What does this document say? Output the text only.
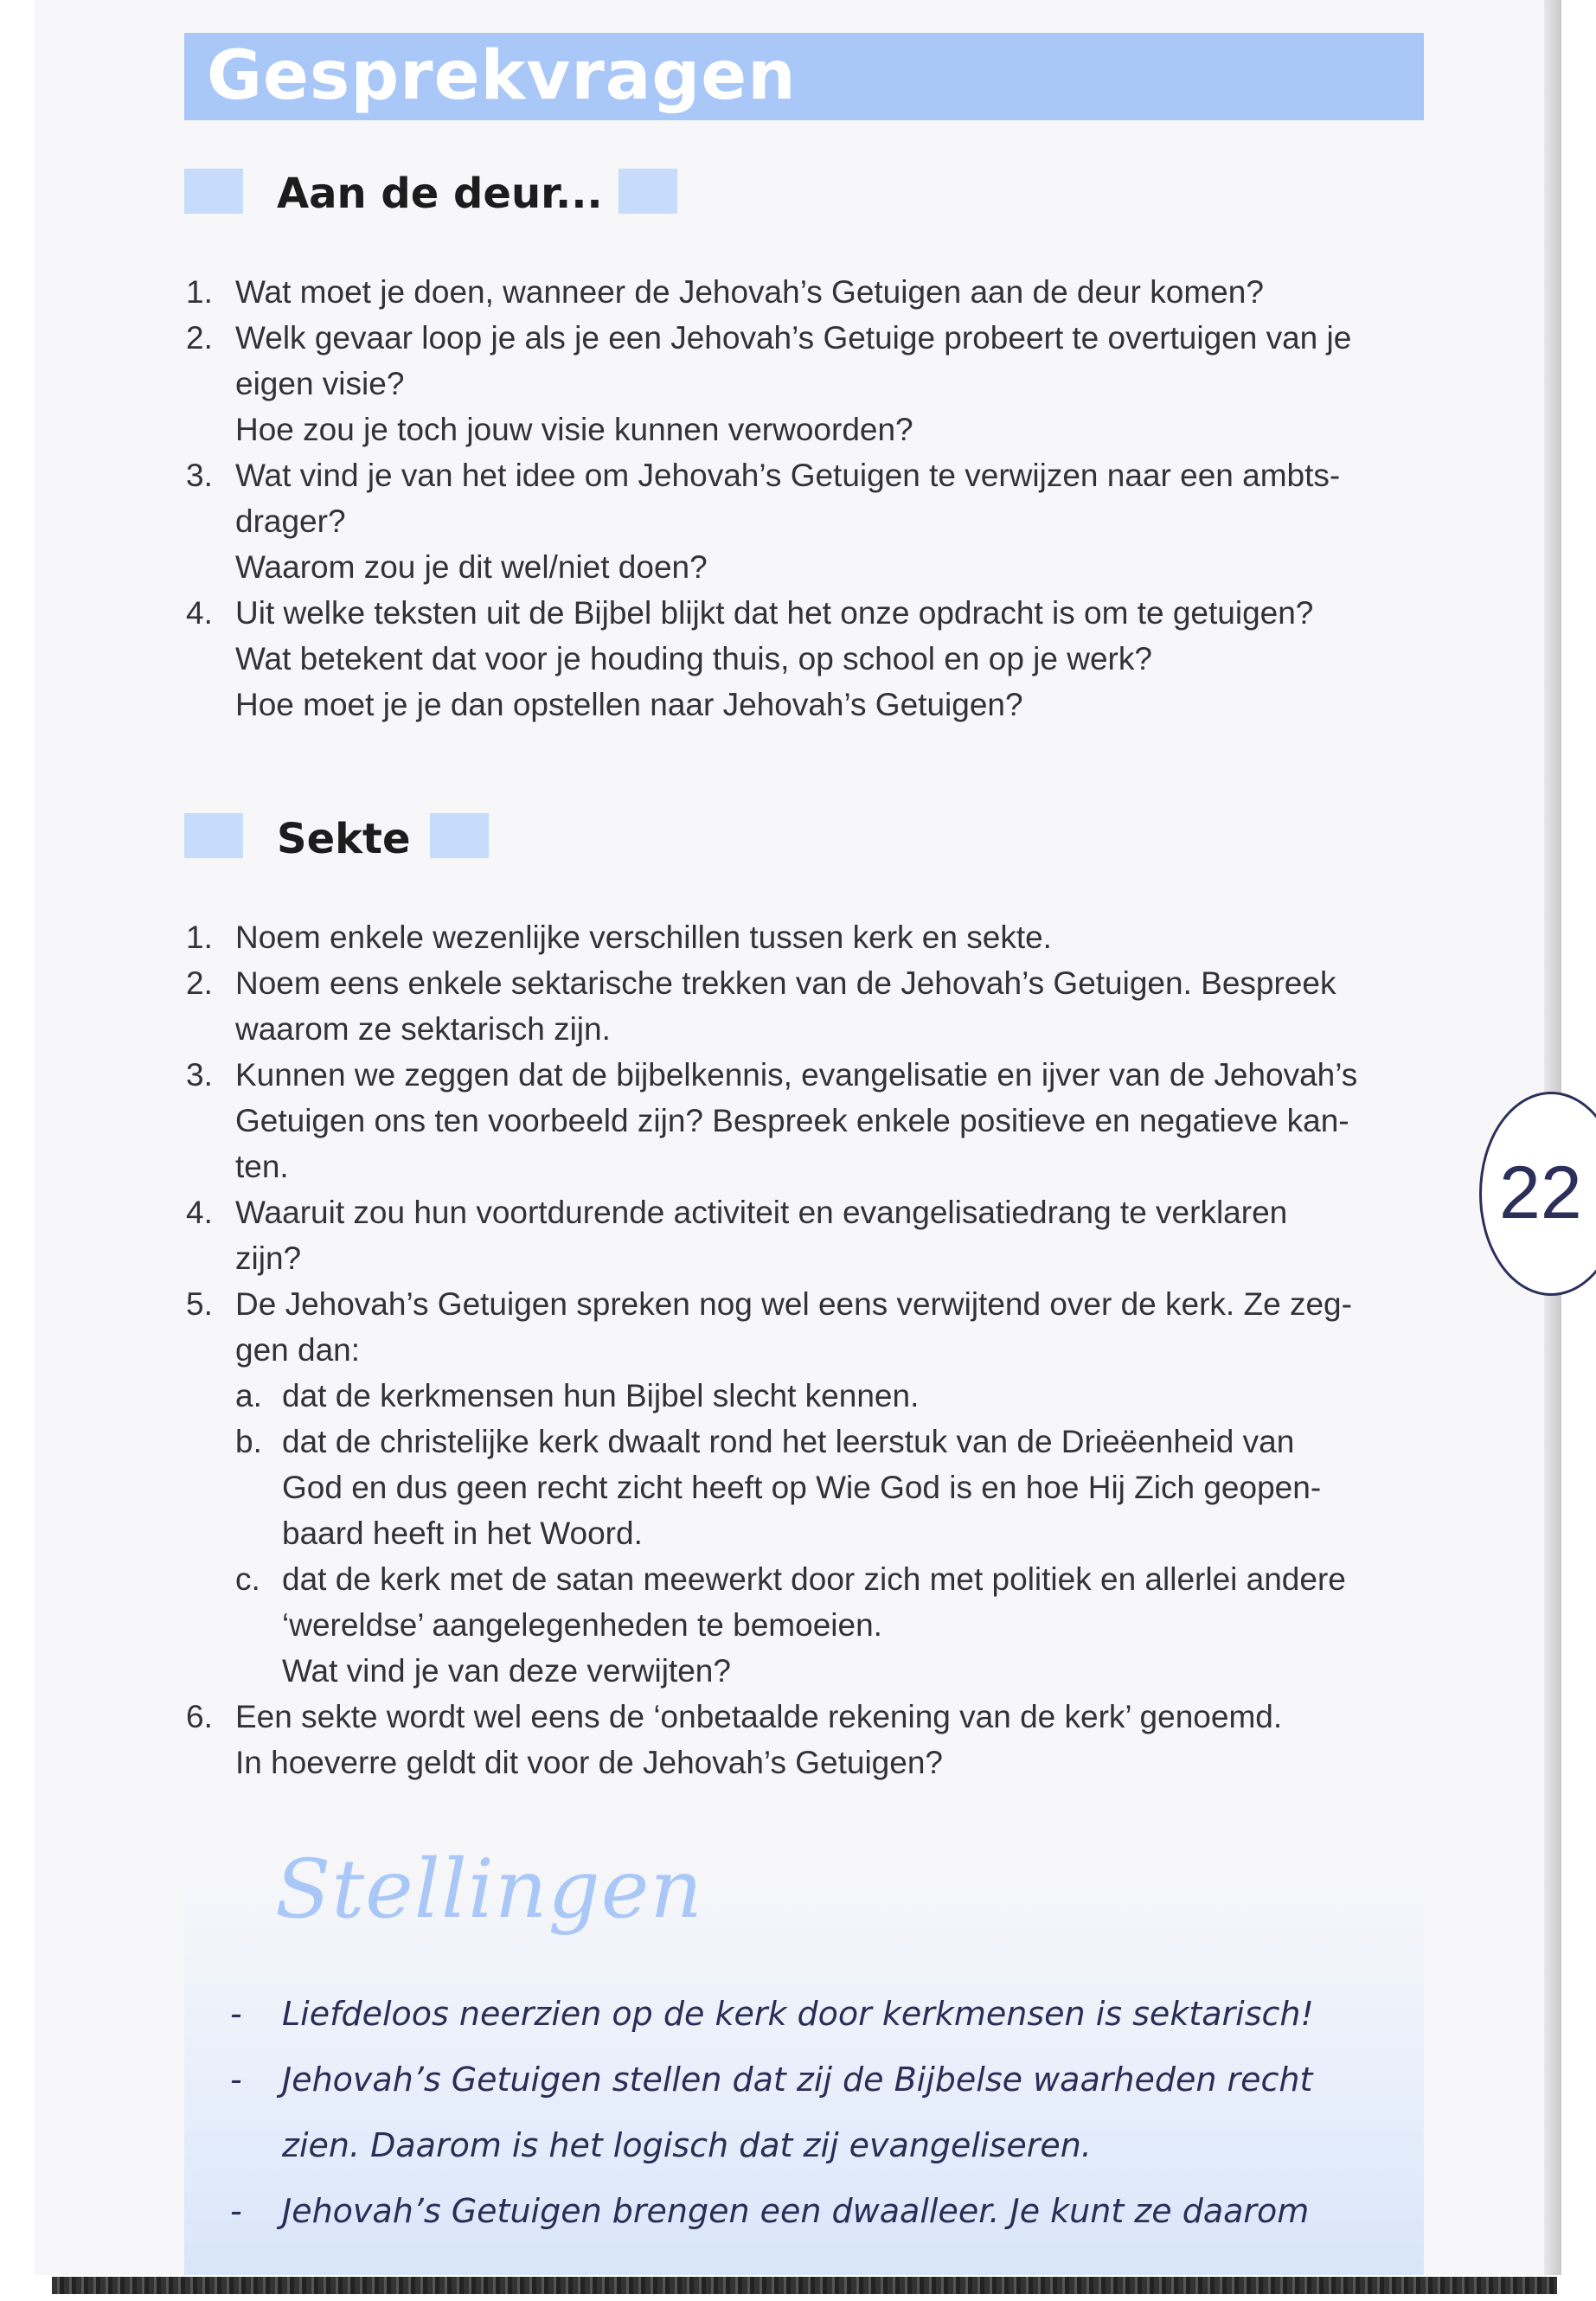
Gesprekvragen
Aan de deur...
1. Wat moet je doen, wanneer de Jehovah’s Getuigen aan de deur komen?
2. Welk gevaar loop je als je een Jehovah’s Getuige probeert te overtuigen van je
eigen visie?
Hoe zou je toch jouw visie kunnen verwoorden?
3. Wat vind je van het idee om Jehovah’s Getuigen te verwijzen naar een ambts-
drager?
Waarom zou je dit wel/niet doen?
4. Uit welke teksten uit de Bijbel blijkt dat het onze opdracht is om te getuigen?
Wat betekent dat voor je houding thuis, op school en op je werk?
Hoe moet je je dan opstellen naar Jehovah’s Getuigen?
Sekte
1. Noem enkele wezenlijke verschillen tussen kerk en sekte.
2. Noem eens enkele sektarische trekken van de Jehovah’s Getuigen. Bespreek
waarom ze sektarisch zijn.
3. Kunnen we zeggen dat de bijbelkennis, evangelisatie en ijver van de Jehovah’s
Getuigen ons ten voorbeeld zijn? Bespreek enkele positieve en negatieve kan-
ten.
4. Waaruit zou hun voortdurende activiteit en evangelisatiedrang te verklaren
zijn?
5. De Jehovah’s Getuigen spreken nog wel eens verwijtend over de kerk. Ze zeg-
gen dan:
a. dat de kerkmensen hun Bijbel slecht kennen.
b. dat de christelijke kerk dwaalt rond het leerstuk van de Drieëenheid van
God en dus geen recht zicht heeft op Wie God is en hoe Hij Zich geopen-
baard heeft in het Woord.
c. dat de kerk met de satan meewerkt door zich met politiek en allerlei andere
‘wereldse’ aangelegenheden te bemoeien.
Wat vind je van deze verwijten?
6. Een sekte wordt wel eens de ‘onbetaalde rekening van de kerk’ genoemd.
In hoeverre geldt dit voor de Jehovah’s Getuigen?
22
Stellingen
- Liefdeloos neerzien op de kerk door kerkmensen is sektarisch!
- Jehovah’s Getuigen stellen dat zij de Bijbelse waarheden recht
zien. Daarom is het logisch dat zij evangeliseren.
- Jehovah’s Getuigen brengen een dwaalleer. Je kunt ze daarom
